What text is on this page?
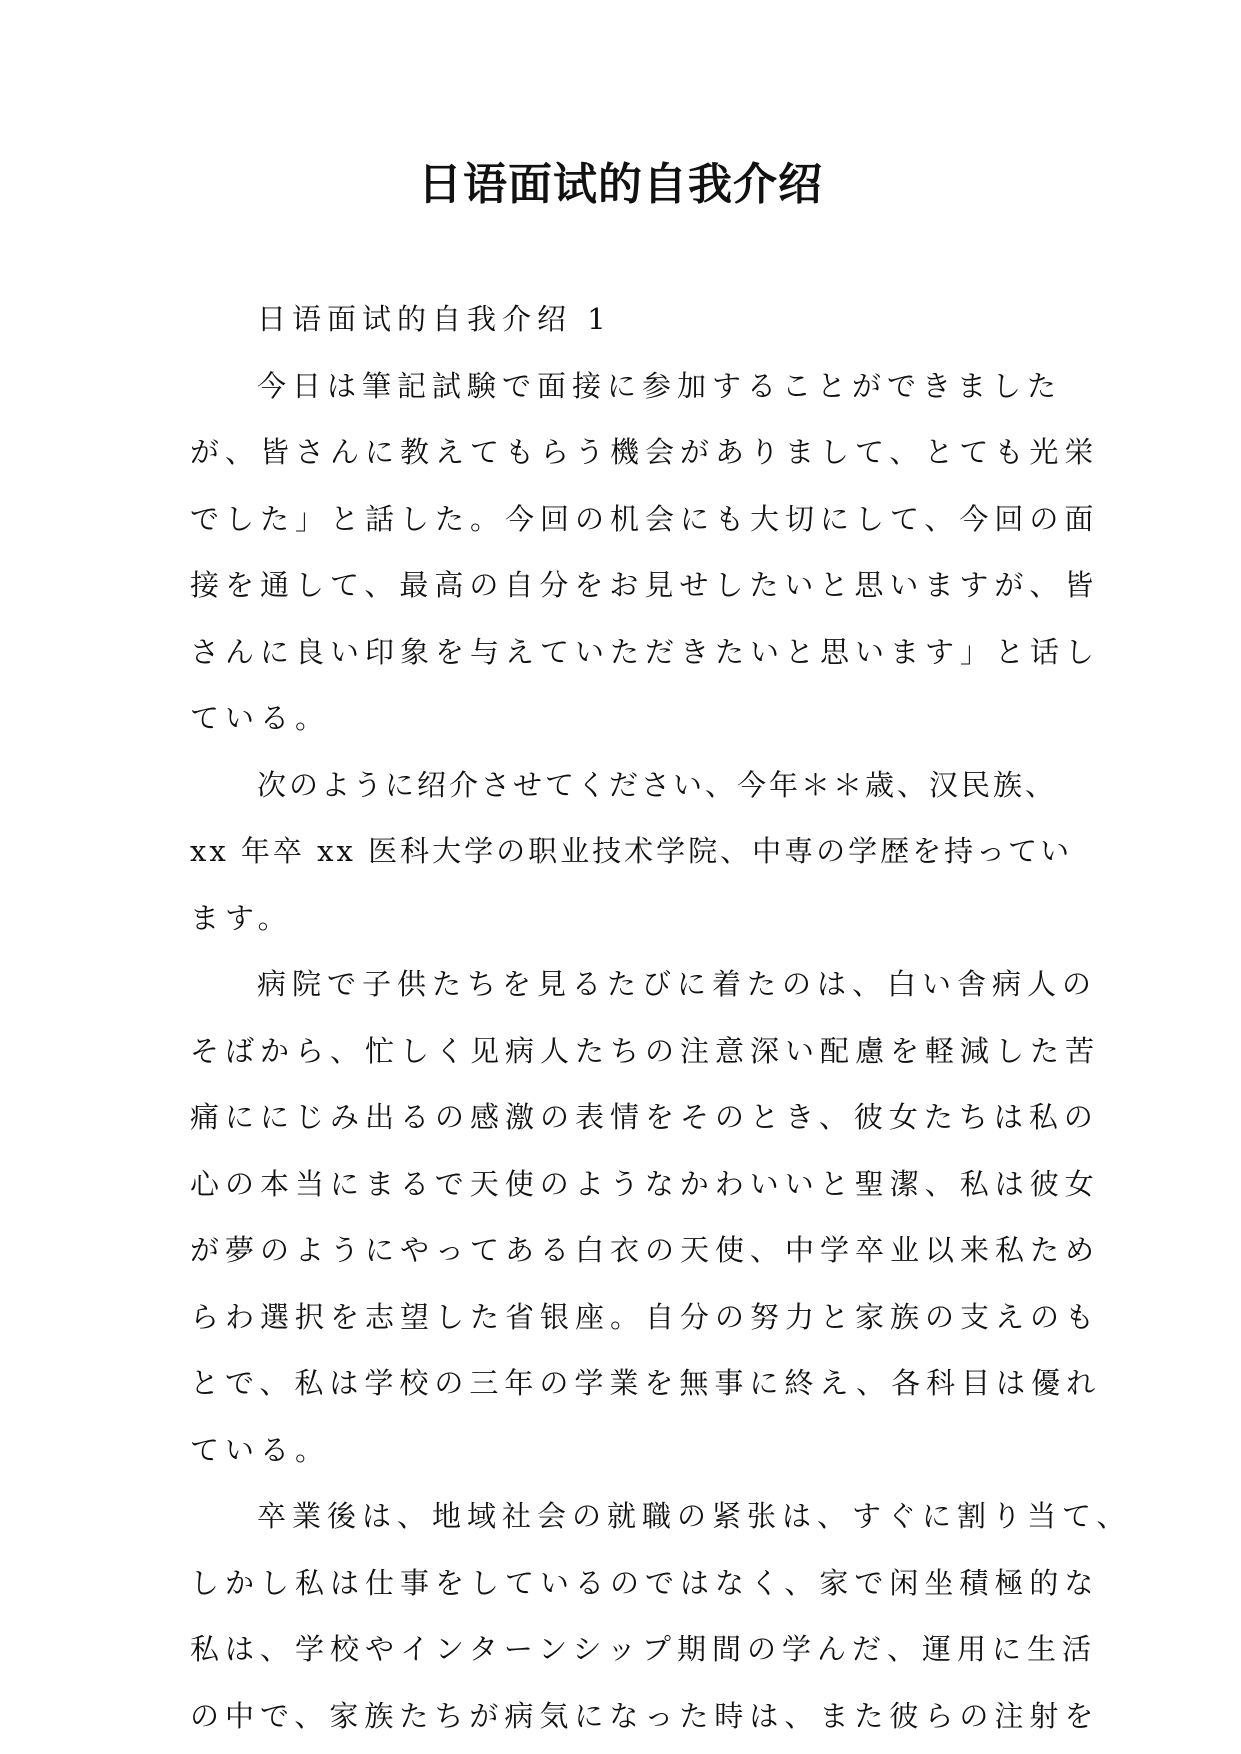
日语面试的自我介绍
日语面试的自我介绍 1
今日は筆記試験で面接に参加することができました
が、皆さんに教えてもらう機会がありまして、とても光栄
でした」と話した。今回の机会にも大切にして、今回の面
接を通して、最高の自分をお見せしたいと思いますが、皆
さんに良い印象を与えていただきたいと思います」と话し
ている。
次のように绍介させてください、今年＊＊歳、汉民族、
xx 年卒 xx 医科大学の职业技术学院、中専の学歴を持ってい
ます。
病院で子供たちを見るたびに着たのは、白い舎病人の
そばから、忙しく见病人たちの注意深い配慮を軽減した苦
痛ににじみ出るの感激の表情をそのとき、彼女たちは私の
心の本当にまるで天使のようなかわいいと聖潔、私は彼女
が夢のようにやってある白衣の天使、中学卒业以来私ため
らわ選択を志望した省银座。自分の努力と家族の支えのも
とで、私は学校の三年の学業を無事に終え、各科目は優れ
ている。
卒業後は、地域社会の就職の紧张は、すぐに割り当て、
しかし私は仕事をしているのではなく、家で闲坐積極的な
私は、学校やインターンシップ期間の学んだ、運用に生活
の中で、家族たちが病気になった時は、また彼らの注射を
